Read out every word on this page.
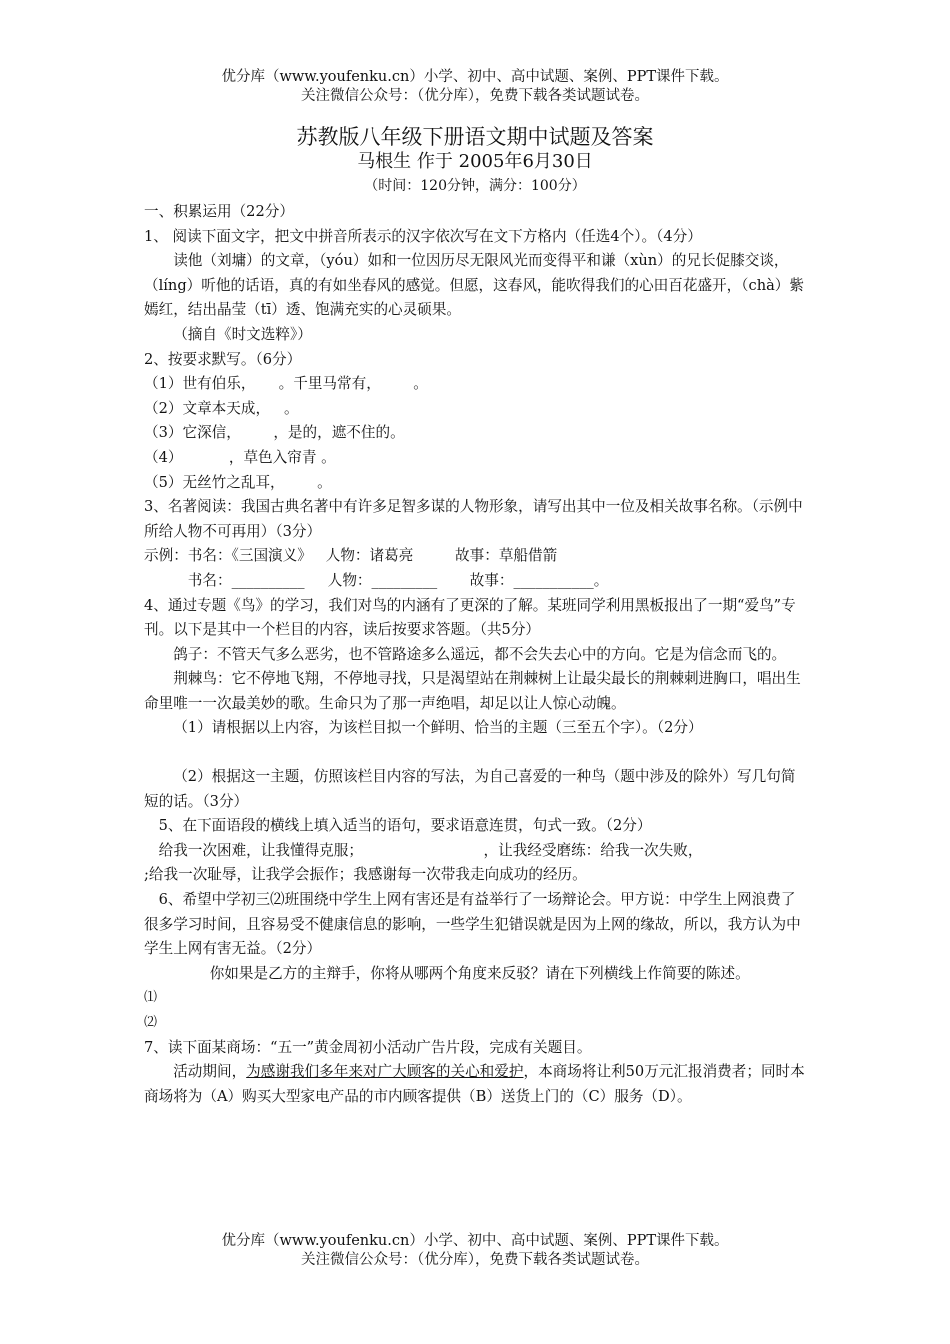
优分库（www.youfenku.cn）小学、初中、高中试题、案例、PPT课件下载。
关注微信公众号：（优分库），免费下载各类试题试卷。
苏教版八年级下册语文期中试题及答案
马根生 作于 2005年6月30日
（时间：120分钟，满分：100分）

一、积累运用（22分）

1、 阅读下面文字，把文中拼音所表示的汉字依次写在文下方格内（任选4个）。（4分）

读他（刘墉）的文章，（yóu）如和一位因历尽无限风光而变得平和谦（xùn）的兄长促膝交谈，（líng）听他的话语，真的有如坐春风的感觉。但愿，这春风，能吹得我们的心田百花盛开，（chà）紫嫣红，结出晶莹（tī）透、饱满充实的心灵硕果。

（摘自《时文选粹》）

2、按要求默写。（6分）

（1）世有伯乐，     。千里马常有，       。

（2）文章本天成，   。

（3）它深信，       ，是的，遮不住的。

（4）          ，草色入帘青 。

（5）无丝竹之乱耳，       。

3、名著阅读：我国古典名著中有许多足智多谋的人物形象，请写出其中一位及相关故事名称。（示例中所给人物不可再用）（3分）

示例：书名：《三国演义》   人物：诸葛亮         故事：草船借箭

书名：__________     人物：_________       故事：___________。

4、通过专题《鸟》的学习，我们对鸟的内涵有了更深的了解。某班同学利用黑板报出了一期“爱鸟”专刊。以下是其中一个栏目的内容，读后按要求答题。（共5分）

鸽子：不管天气多么恶劣，也不管路途多么遥远，都不会失去心中的方向。它是为信念而飞的。

荆棘鸟：它不停地飞翔，不停地寻找，只是渴望站在荆棘树上让最尖最长的荆棘刺进胸口，唱出生命里唯一一次最美妙的歌。生命只为了那一声绝唱，却足以让人惊心动魄。

（1）请根据以上内容，为该栏目拟一个鲜明、恰当的主题（三至五个字）。（2分）

（2）根据这一主题，仿照该栏目内容的写法，为自己喜爱的一种鸟（题中涉及的除外）写几句简短的话。（3分）

5、在下面语段的横线上填入适当的语句，要求语意连贯，句式一致。（2分）

给我一次困难，让我懂得克服；                          ，让我经受磨练：给我一次失败，                              ;给我一次耻辱，让我学会振作；我感谢每一次带我走向成功的经历。

6、希望中学初三⑵班围绕中学生上网有害还是有益举行了一场辩论会。甲方说：中学生上网浪费了很多学习时间，且容易受不健康信息的影响，一些学生犯错误就是因为上网的缘故，所以，我方认为中学生上网有害无益。（2分）

你如果是乙方的主辩手，你将从哪两个角度来反驳？请在下列横线上作简要的陈述。

⑴

⑵

7、读下面某商场：“五一”黄金周初小活动广告片段，完成有关题目。

活动期间，为感谢我们多年来对广大顾客的关心和爱护，本商场将让利50万元汇报消费者；同时本商场将为（A）购买大型家电产品的市内顾客提供（B）送货上门的（C）服务（D）。

优分库（www.youfenku.cn）小学、初中、高中试题、案例、PPT课件下载。
关注微信公众号：（优分库），免费下载各类试题试卷。
